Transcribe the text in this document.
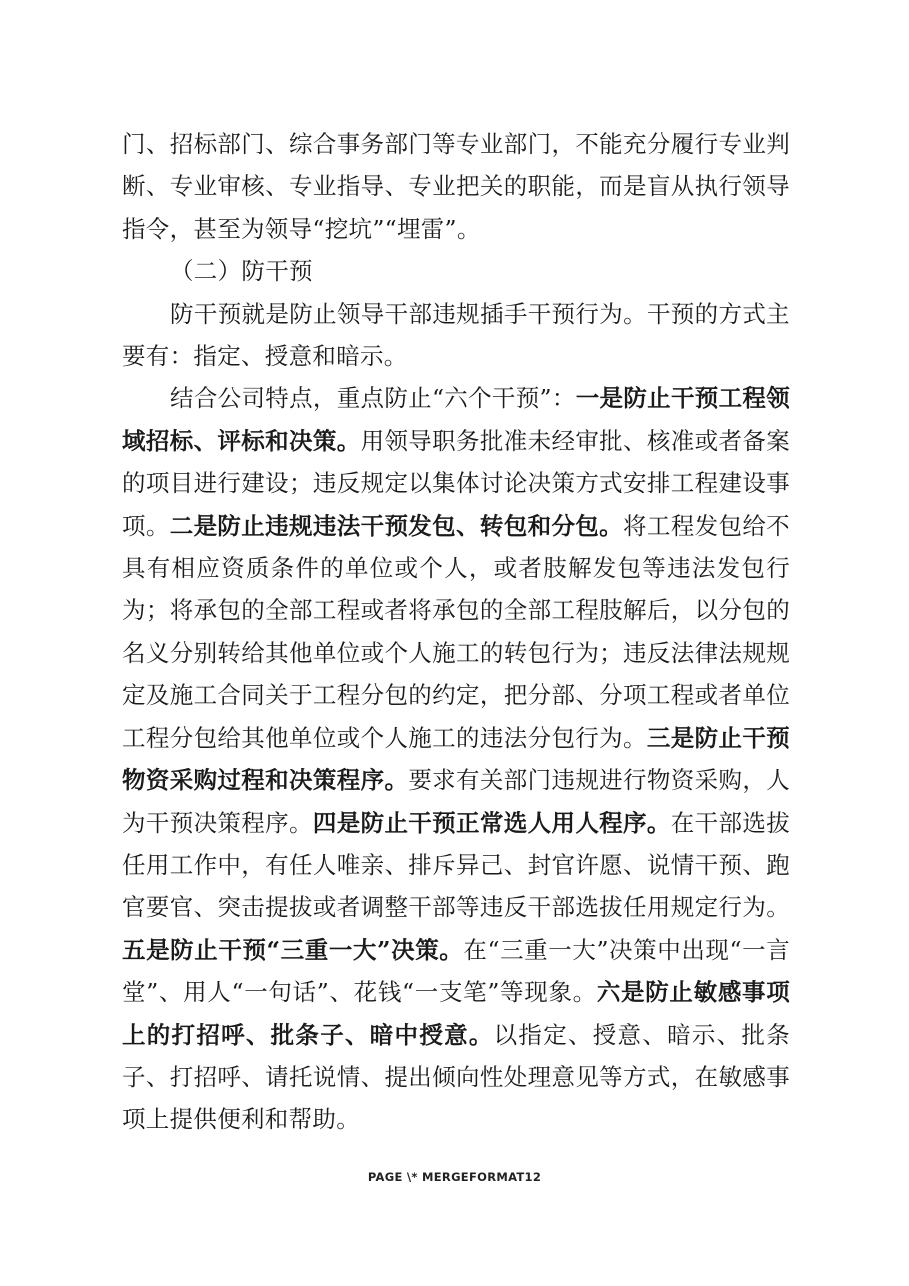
门、招标部门、综合事务部门等专业部门，不能充分履行专业判断、专业审核、专业指导、专业把关的职能，而是盲从执行领导指令，甚至为领导“挖坑”“埋雷”。

（二）防干预

防干预就是防止领导干部违规插手干预行为。干预的方式主要有：指定、授意和暗示。

结合公司特点，重点防止“六个干预”：一是防止干预工程领域招标、评标和决策。用领导职务批准未经审批、核准或者备案的项目进行建设；违反规定以集体讨论决策方式安排工程建设事项。二是防止违规违法干预发包、转包和分包。将工程发包给不具有相应资质条件的单位或个人，或者肢解发包等违法发包行为；将承包的全部工程或者将承包的全部工程肢解后，以分包的名义分别转给其他单位或个人施工的转包行为；违反法律法规规定及施工合同关于工程分包的约定，把分部、分项工程或者单位工程分包给其他单位或个人施工的违法分包行为。三是防止干预物资采购过程和决策程序。要求有关部门违规进行物资采购，人为干预决策程序。四是防止干预正常选人用人程序。在干部选拔任用工作中，有任人唯亲、排斥异己、封官许愿、说情干预、跑官要官、突击提拔或者调整干部等违反干部选拔任用规定行为。五是防止干预“三重一大”决策。在“三重一大”决策中出现“一言堂”、用人“一句话”、花钱“一支笔”等现象。六是防止敏感事项上的打招呼、批条子、暗中授意。以指定、授意、暗示、批条子、打招呼、请托说情、提出倾向性处理意见等方式，在敏感事项上提供便利和帮助。

PAGE \* MERGEFORMAT12
